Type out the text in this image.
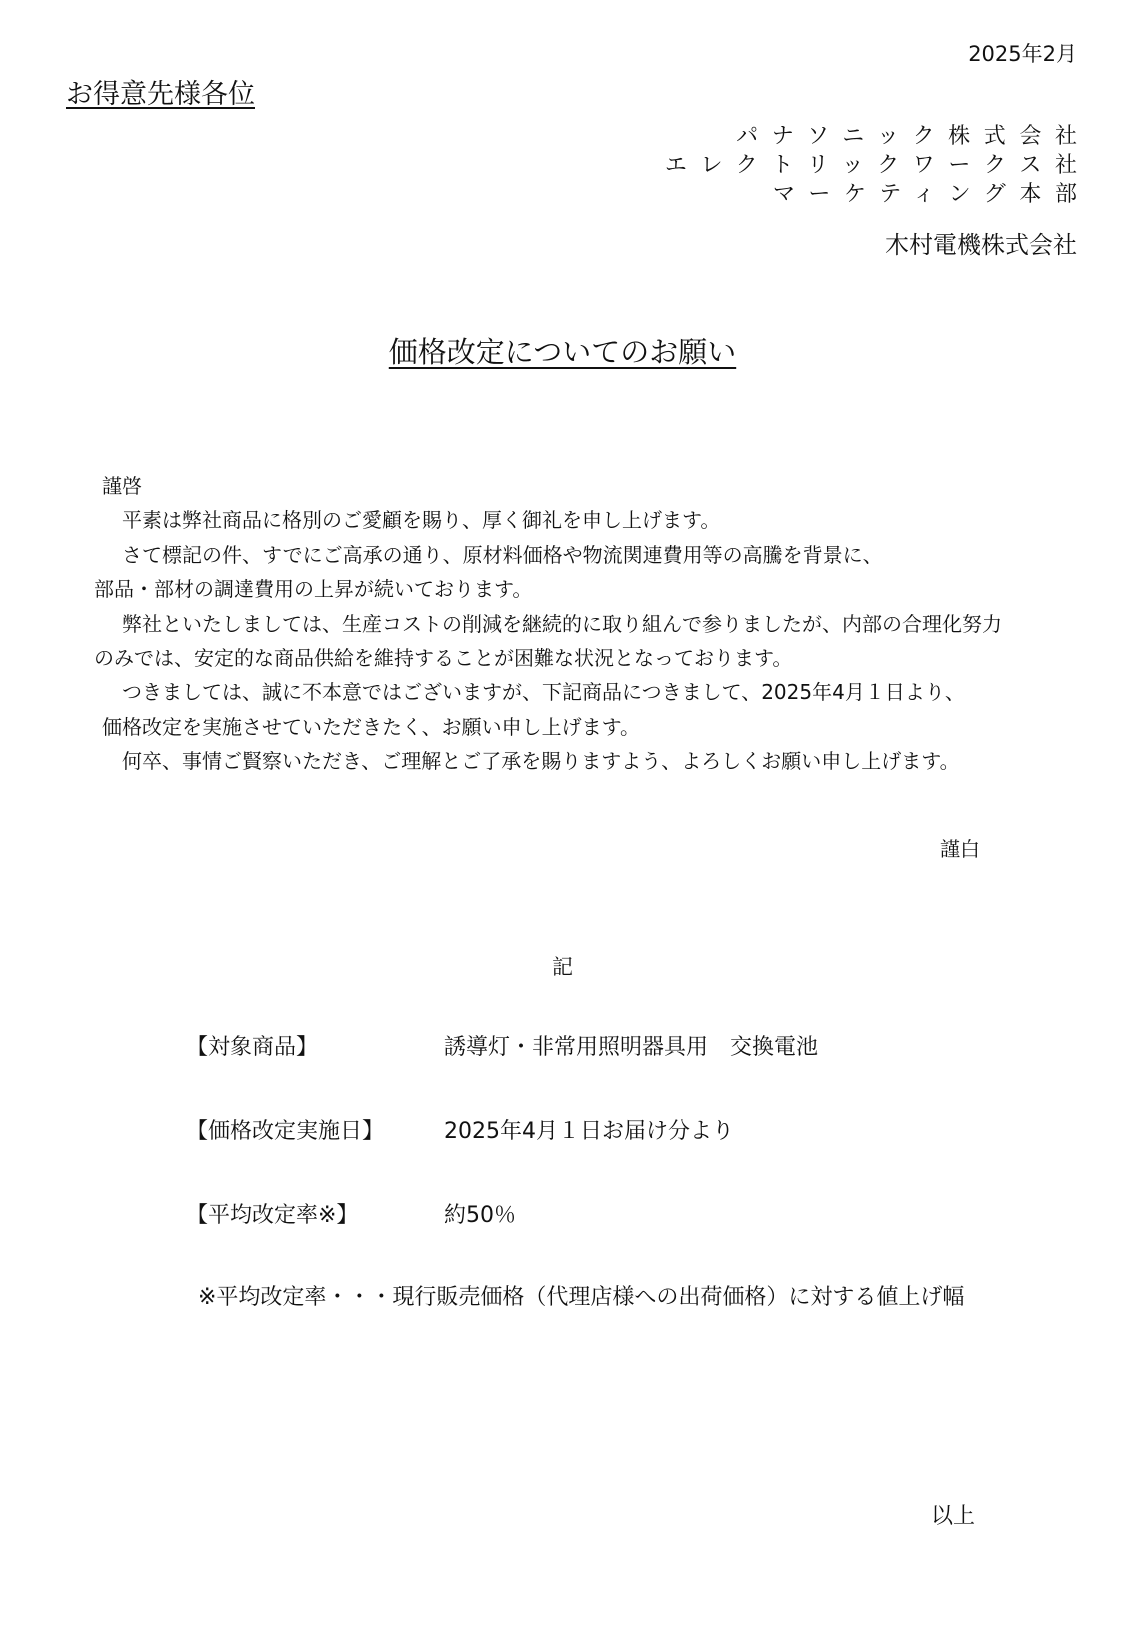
2025年2月
お得意先様各位
パナソニック株式会社
エレクトリックワークス社
マーケティング本部
木村電機株式会社
価格改定についてのお願い
謹啓
平素は弊社商品に格別のご愛顧を賜り、厚く御礼を申し上げます。
さて標記の件、すでにご高承の通り、原材料価格や物流関連費用等の高騰を背景に、
部品・部材の調達費用の上昇が続いております。
弊社といたしましては、生産コストの削減を継続的に取り組んで参りましたが、内部の合理化努力
のみでは、安定的な商品供給を維持することが困難な状況となっております。
つきましては、誠に不本意ではございますが、下記商品につきまして、2025年4月１日より、
価格改定を実施させていただきたく、お願い申し上げます。
何卒、事情ご賢察いただき、ご理解とご了承を賜りますよう、よろしくお願い申し上げます。
謹白
記
【対象商品】	誘導灯・非常用照明器具用　交換電池
【価格改定実施日】	2025年4月１日お届け分より
【平均改定率※】	約50％
※平均改定率・・・現行販売価格（代理店様への出荷価格）に対する値上げ幅
以上
